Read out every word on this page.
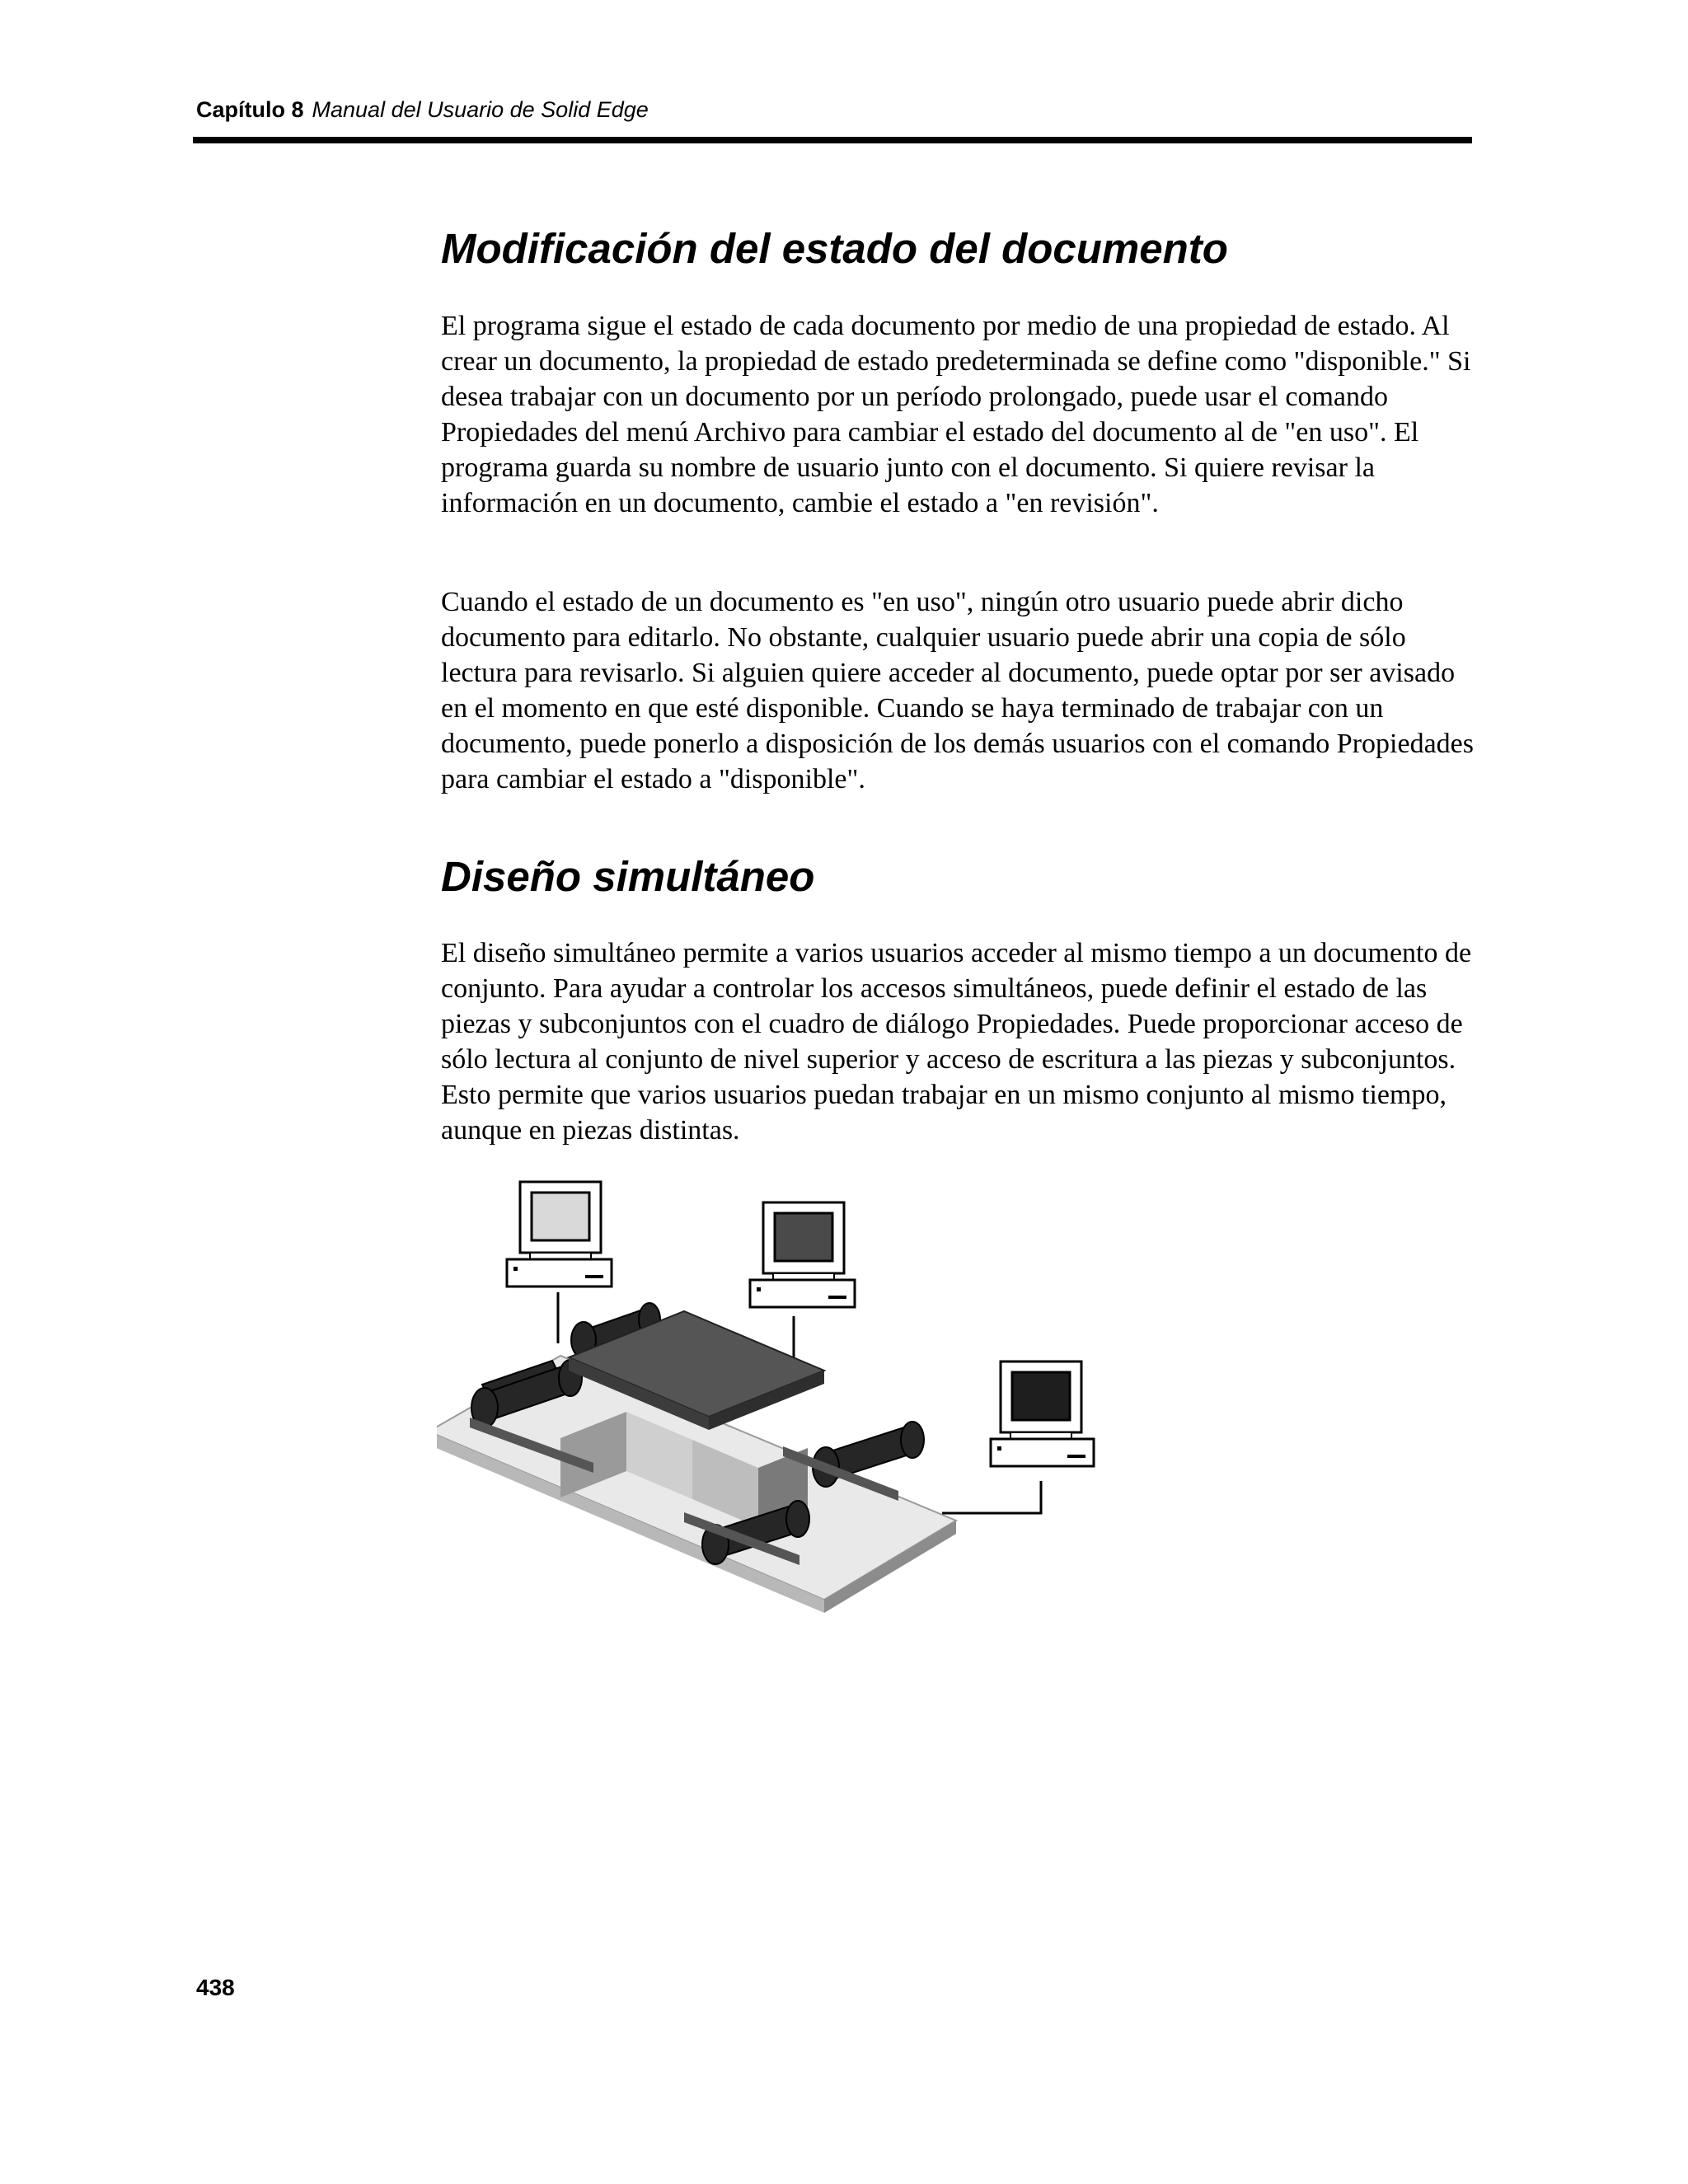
Capítulo 8 Manual del Usuario de Solid Edge
Modificación del estado del documento

El programa sigue el estado de cada documento por medio de una propiedad de estado. Al crear un documento, la propiedad de estado predeterminada se define como "disponible." Si desea trabajar con un documento por un período prolongado, puede usar el comando Propiedades del menú Archivo para cambiar el estado del documento al de "en uso". El programa guarda su nombre de usuario junto con el documento. Si quiere revisar la información en un documento, cambie el estado a "en revisión".

Cuando el estado de un documento es "en uso", ningún otro usuario puede abrir dicho documento para editarlo. No obstante, cualquier usuario puede abrir una copia de sólo lectura para revisarlo. Si alguien quiere acceder al documento, puede optar por ser avisado en el momento en que esté disponible. Cuando se haya terminado de trabajar con un documento, puede ponerlo a disposición de los demás usuarios con el comando Propiedades para cambiar el estado a "disponible".

Diseño simultáneo

El diseño simultáneo permite a varios usuarios acceder al mismo tiempo a un documento de conjunto. Para ayudar a controlar los accesos simultáneos, puede definir el estado de las piezas y subconjuntos con el cuadro de diálogo Propiedades. Puede proporcionar acceso de sólo lectura al conjunto de nivel superior y acceso de escritura a las piezas y subconjuntos. Esto permite que varios usuarios puedan trabajar en un mismo conjunto al mismo tiempo, aunque en piezas distintas.

438
